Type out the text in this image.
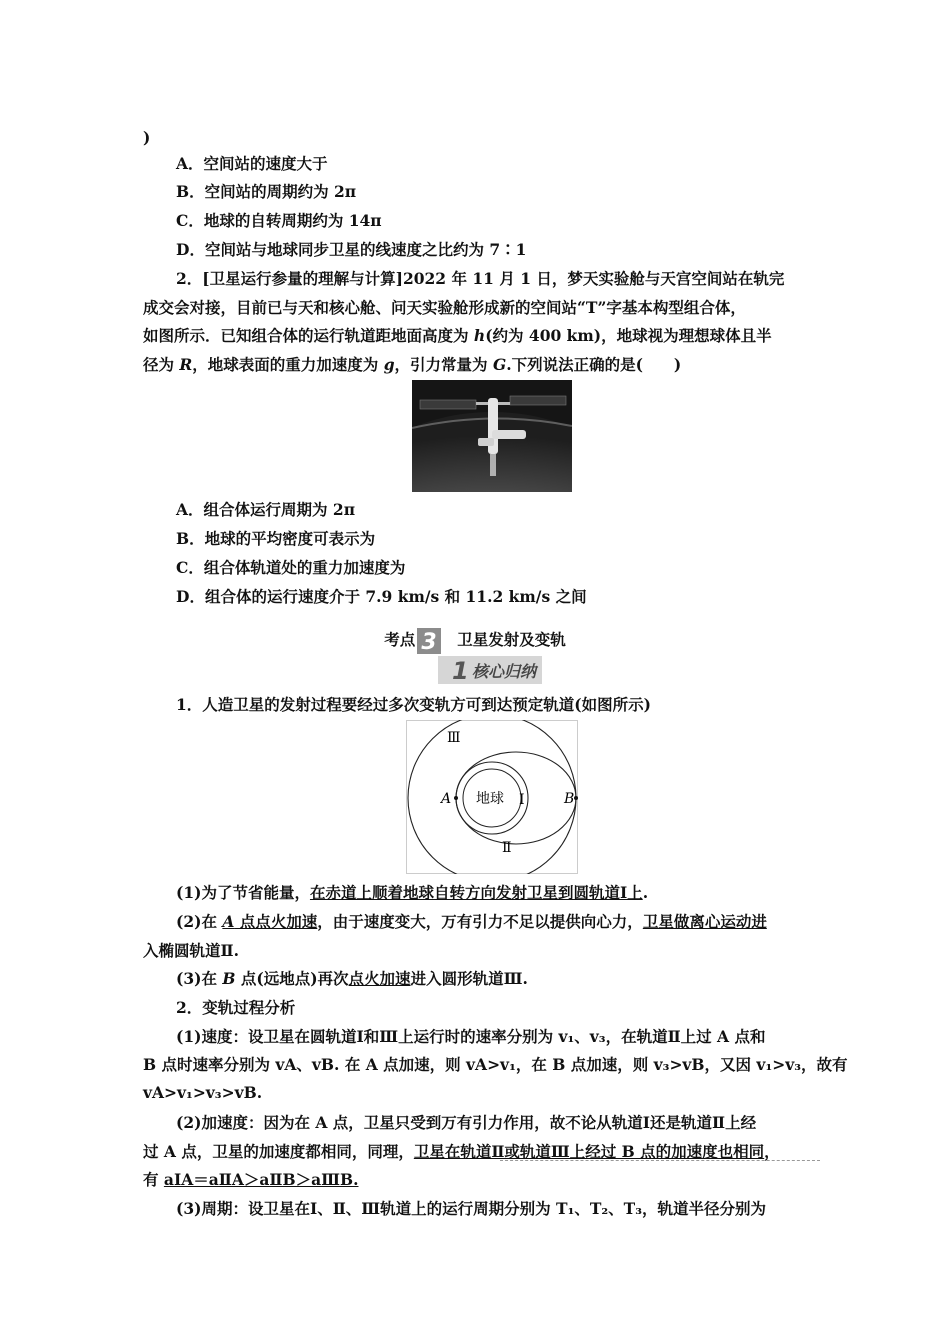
)
A．空间站的速度大于
B．空间站的周期约为 2π
C．地球的自转周期约为 14π
D．空间站与地球同步卫星的线速度之比约为 7∶1
2．[卫星运行参量的理解与计算]2022 年 11 月 1 日，梦天实验舱与天宫空间站在轨完
成交会对接，目前已与天和核心舱、问天实验舱形成新的空间站“T”字基本构型组合体，
如图所示．已知组合体的运行轨道距地面高度为 h(约为 400 km)，地球视为理想球体且半
径为 R，地球表面的重力加速度为 g，引力常量为 G.下列说法正确的是(　　)
A．组合体运行周期为 2π
B．地球的平均密度可表示为
C．组合体轨道处的重力加速度为
D．组合体的运行速度介于 7.9 km/s 和 11.2 km/s 之间
考点 3 卫星发射及变轨
1 核心归纳
1．人造卫星的发射过程要经过多次变轨方可到达预定轨道(如图所示)
地球 Ⅰ
Ⅱ
Ⅲ
A	B
(1)为了节省能量，在赤道上顺着地球自转方向发射卫星到圆轨道Ⅰ上.
(2)在 A 点点火加速，由于速度变大，万有引力不足以提供向心力，卫星做离心运动进
入椭圆轨道Ⅱ.
(3)在 B 点(远地点)再次点火加速进入圆形轨道Ⅲ.
2．变轨过程分析
(1)速度：设卫星在圆轨道Ⅰ和Ⅲ上运行时的速率分别为 v₁、v₃，在轨道Ⅱ上过 A 点和
B 点时速率分别为 vA、vB. 在 A 点加速，则 vA>v₁，在 B 点加速，则 v₃>vB，又因 v₁>v₃，故有
vA>v₁>v₃>vB.
(2)加速度：因为在 A 点，卫星只受到万有引力作用，故不论从轨道Ⅰ还是轨道Ⅱ上经
过 A 点，卫星的加速度都相同，同理，卫星在轨道Ⅱ或轨道Ⅲ上经过 B 点的加速度也相同，
有 aⅠA＝aⅡA＞aⅡB＞aⅢB.
(3)周期：设卫星在Ⅰ、Ⅱ、Ⅲ轨道上的运行周期分别为 T₁、T₂、T₃，轨道半径分别为
